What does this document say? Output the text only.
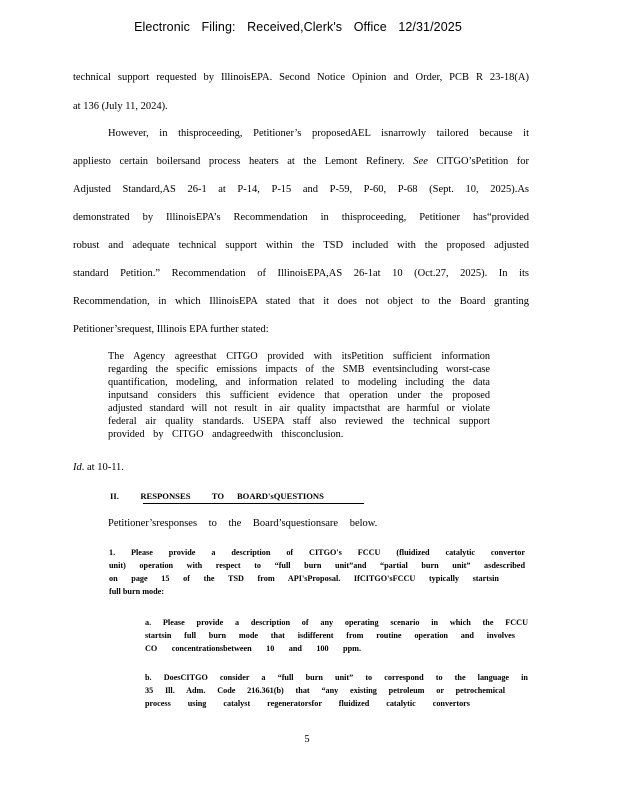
Electronic Filing: Received,Clerk's Office 12/31/2025
technical support requested by IllinoisEPA. Second Notice Opinion and Order, PCB R 23-18(A)
at 136 (July 11, 2024).
However, in thisproceeding, Petitioner’s proposedAEL isnarrowly tailored because it
appliesto certain boilersand process heaters at the Lemont Refinery. See CITGO’sPetition for
Adjusted Standard,AS 26-1 at P-14, P-15 and P-59, P-60, P-68 (Sept. 10, 2025).As
demonstrated by IllinoisEPA’s Recommendation in thisproceeding, Petitioner has“provided
robust and adequate technical support within the TSD included with the proposed adjusted
standard Petition.” Recommendation of IllinoisEPA,AS 26-1at 10 (Oct.27, 2025). In its
Recommendation, in which IllinoisEPA stated that it does not object to the Board granting
Petitioner’srequest, Illinois EPA further stated:
The Agency agreesthat CITGO provided with itsPetition sufficient information
regarding the specific emissions impacts of the SMB eventsincluding worst-case
quantification, modeling, and information related to modeling including the data
inputsand considers this sufficient evidence that operation under the proposed
adjusted standard will not result in air quality impactsthat are harmful or violate
federal air quality standards. USEPA staff also reviewed the technical support
provided by CITGO andagreedwith thisconclusion.
Id. at 10-11.
II.          RESPONSES          TO      BOARD'sQUESTIONS
Petitioner’sresponses to the Board’squestionsare below.
1. Please provide a description of CITGO's FCCU (fluidized catalytic convertor
unit) operation with respect to “full burn unit”and “partial burn unit” asdescribed
on page 15 of the TSD from API'sProposal. IfCITGO'sFCCU typically startsin
full burn mode:
a. Please provide a description of any operating scenario in which the FCCU
startsin full burn mode that isdifferent from routine operation and involves
CO concentrationsbetween 10 and 100 ppm.
b. DoesCITGO consider a “full burn unit” to correspond to the language in
35 Ill. Adm. Code 216.361(b) that “any existing petroleum or petrochemical
process using catalyst regeneratorsfor fluidized catalytic convertors
5
